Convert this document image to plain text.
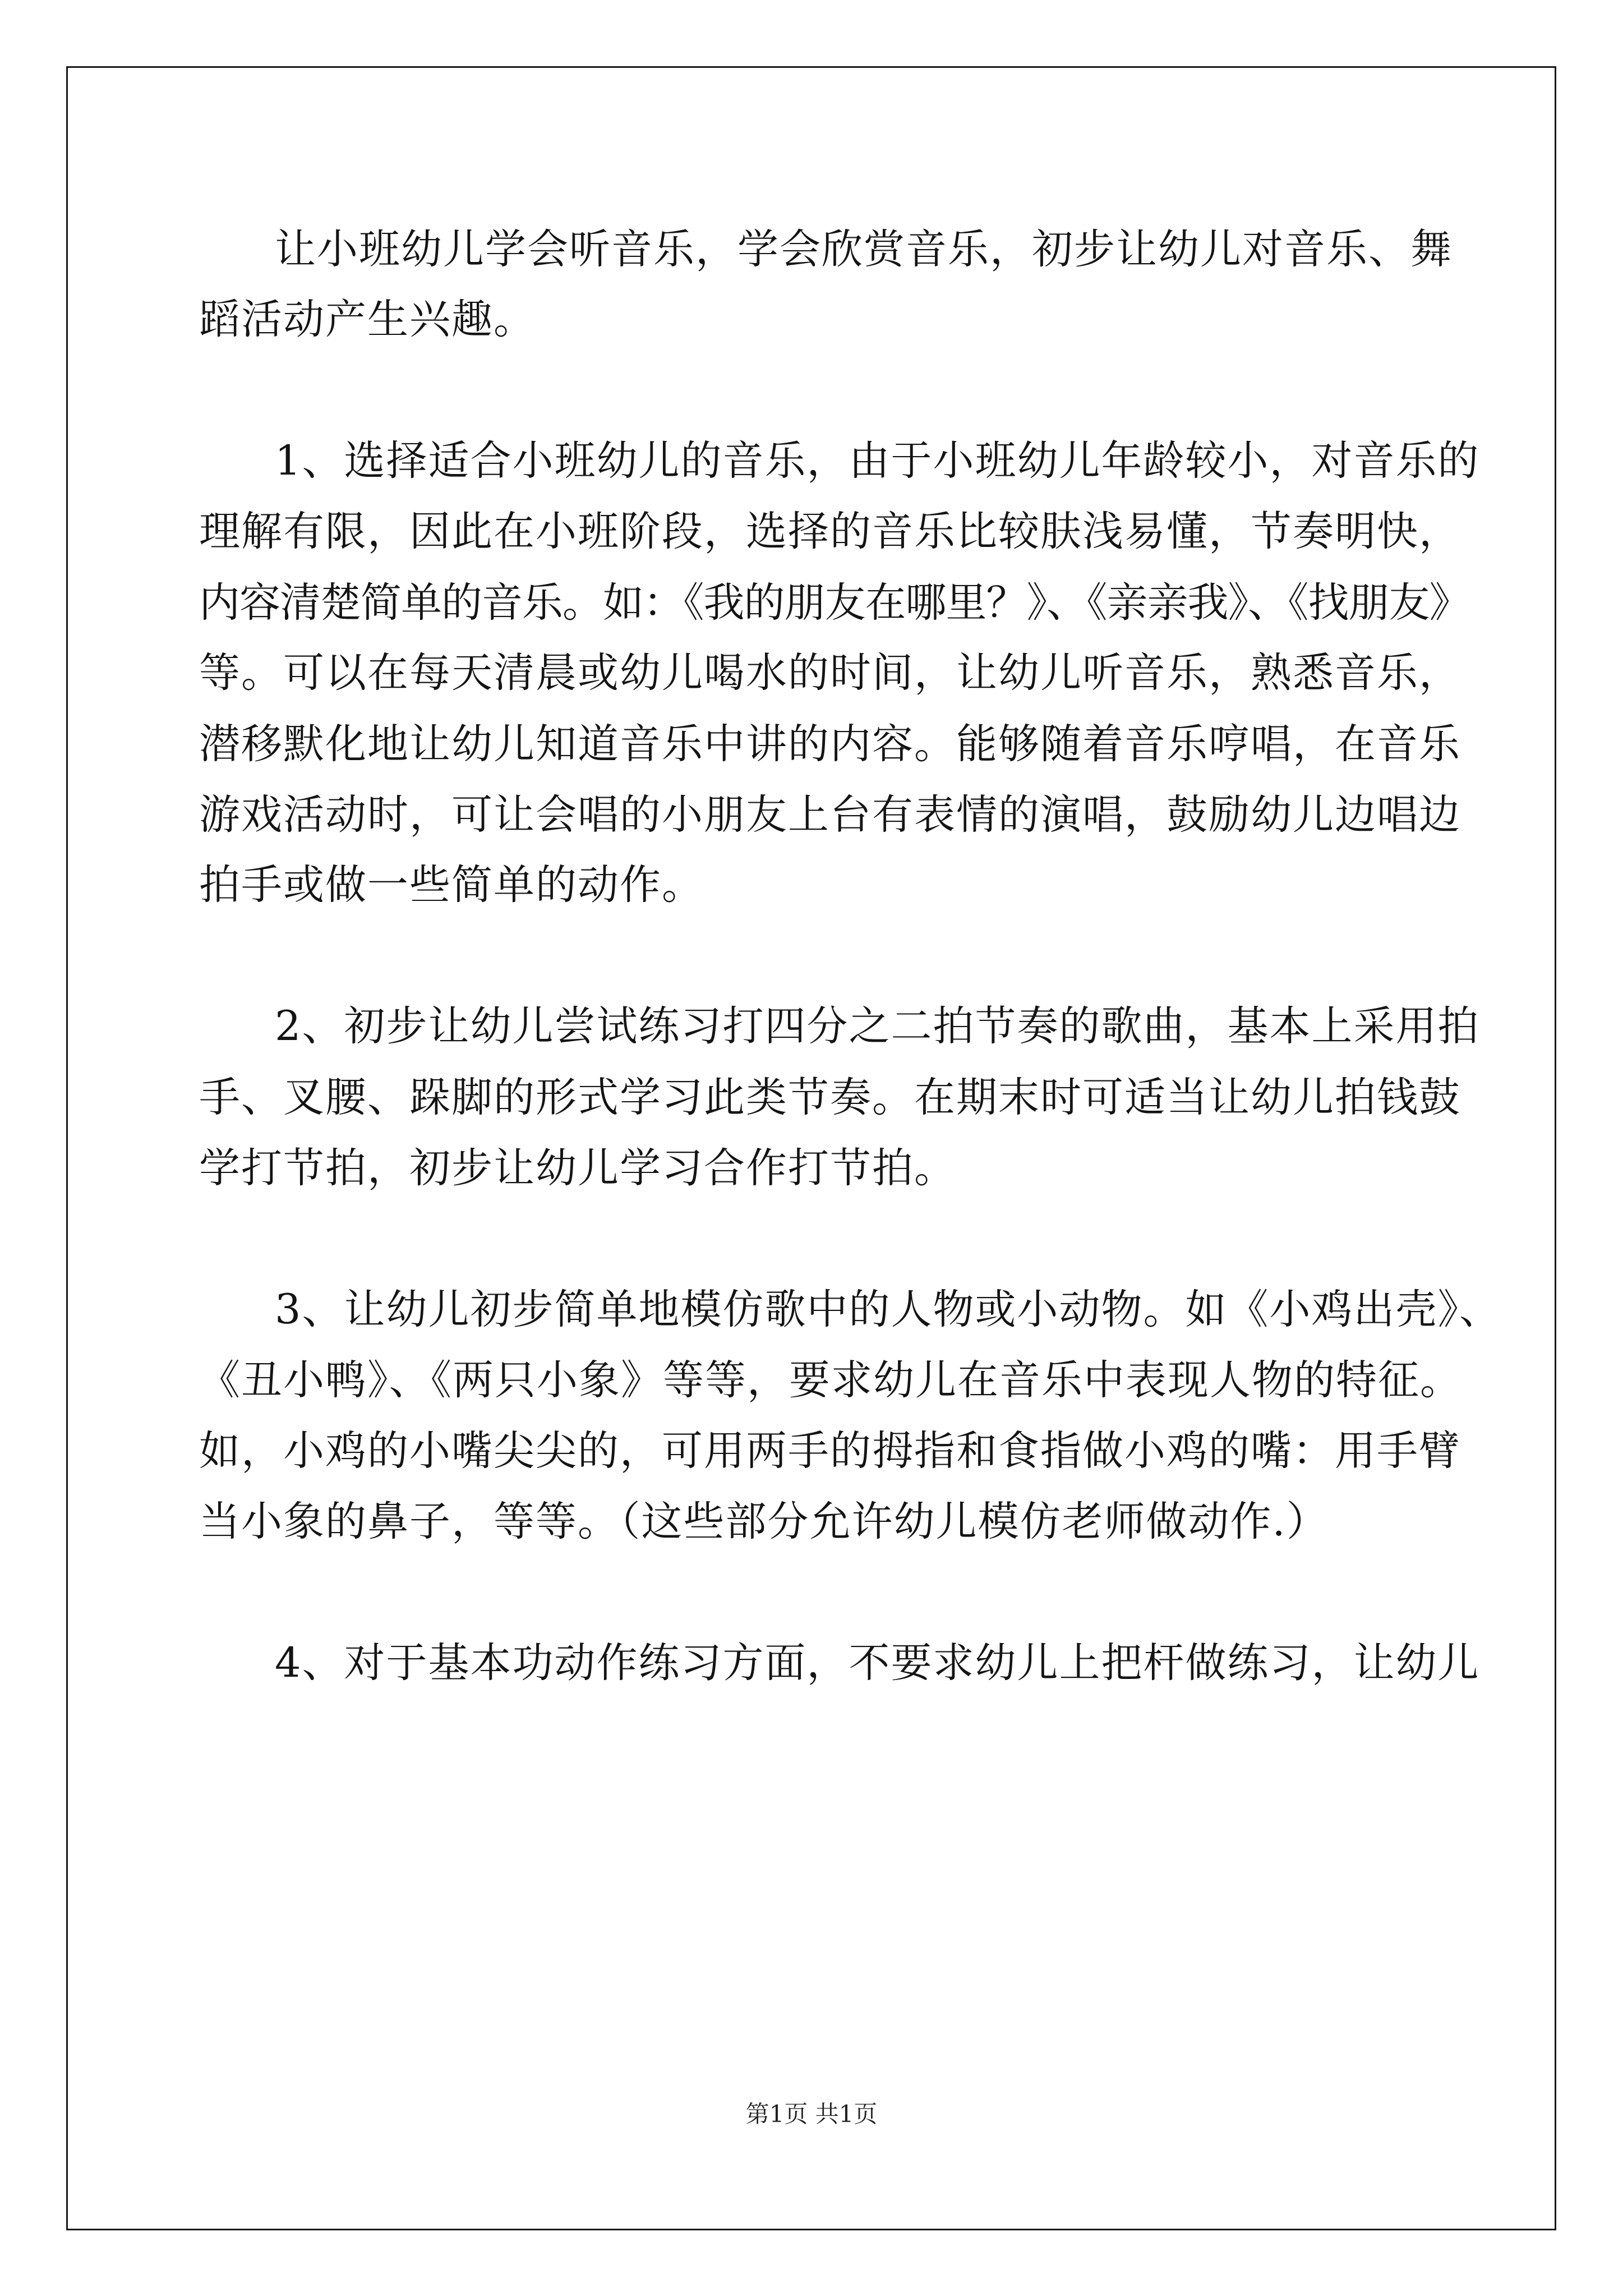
让小班幼儿学会听音乐，学会欣赏音乐，初步让幼儿对音乐、舞
蹈活动产生兴趣。
1、选择适合小班幼儿的音乐，由于小班幼儿年龄较小，对音乐的
理解有限，因此在小班阶段，选择的音乐比较肤浅易懂，节奏明快，
内容清楚简单的音乐。如：《我的朋友在哪里？》、《亲亲我》、《找朋友》
等。可以在每天清晨或幼儿喝水的时间，让幼儿听音乐，熟悉音乐，
潜移默化地让幼儿知道音乐中讲的内容。能够随着音乐哼唱，在音乐
游戏活动时，可让会唱的小朋友上台有表情的演唱，鼓励幼儿边唱边
拍手或做一些简单的动作。
2、初步让幼儿尝试练习打四分之二拍节奏的歌曲，基本上采用拍
手、叉腰、跺脚的形式学习此类节奏。在期末时可适当让幼儿拍钱鼓
学打节拍，初步让幼儿学习合作打节拍。
3、让幼儿初步简单地模仿歌中的人物或小动物。如《小鸡出壳》、
《丑小鸭》、《两只小象》等等，要求幼儿在音乐中表现人物的特征。
如，小鸡的小嘴尖尖的，可用两手的拇指和食指做小鸡的嘴：用手臂
当小象的鼻子，等等。（这些部分允许幼儿模仿老师做动作.）
4、对于基本功动作练习方面，不要求幼儿上把杆做练习，让幼儿
第1页 共1页
